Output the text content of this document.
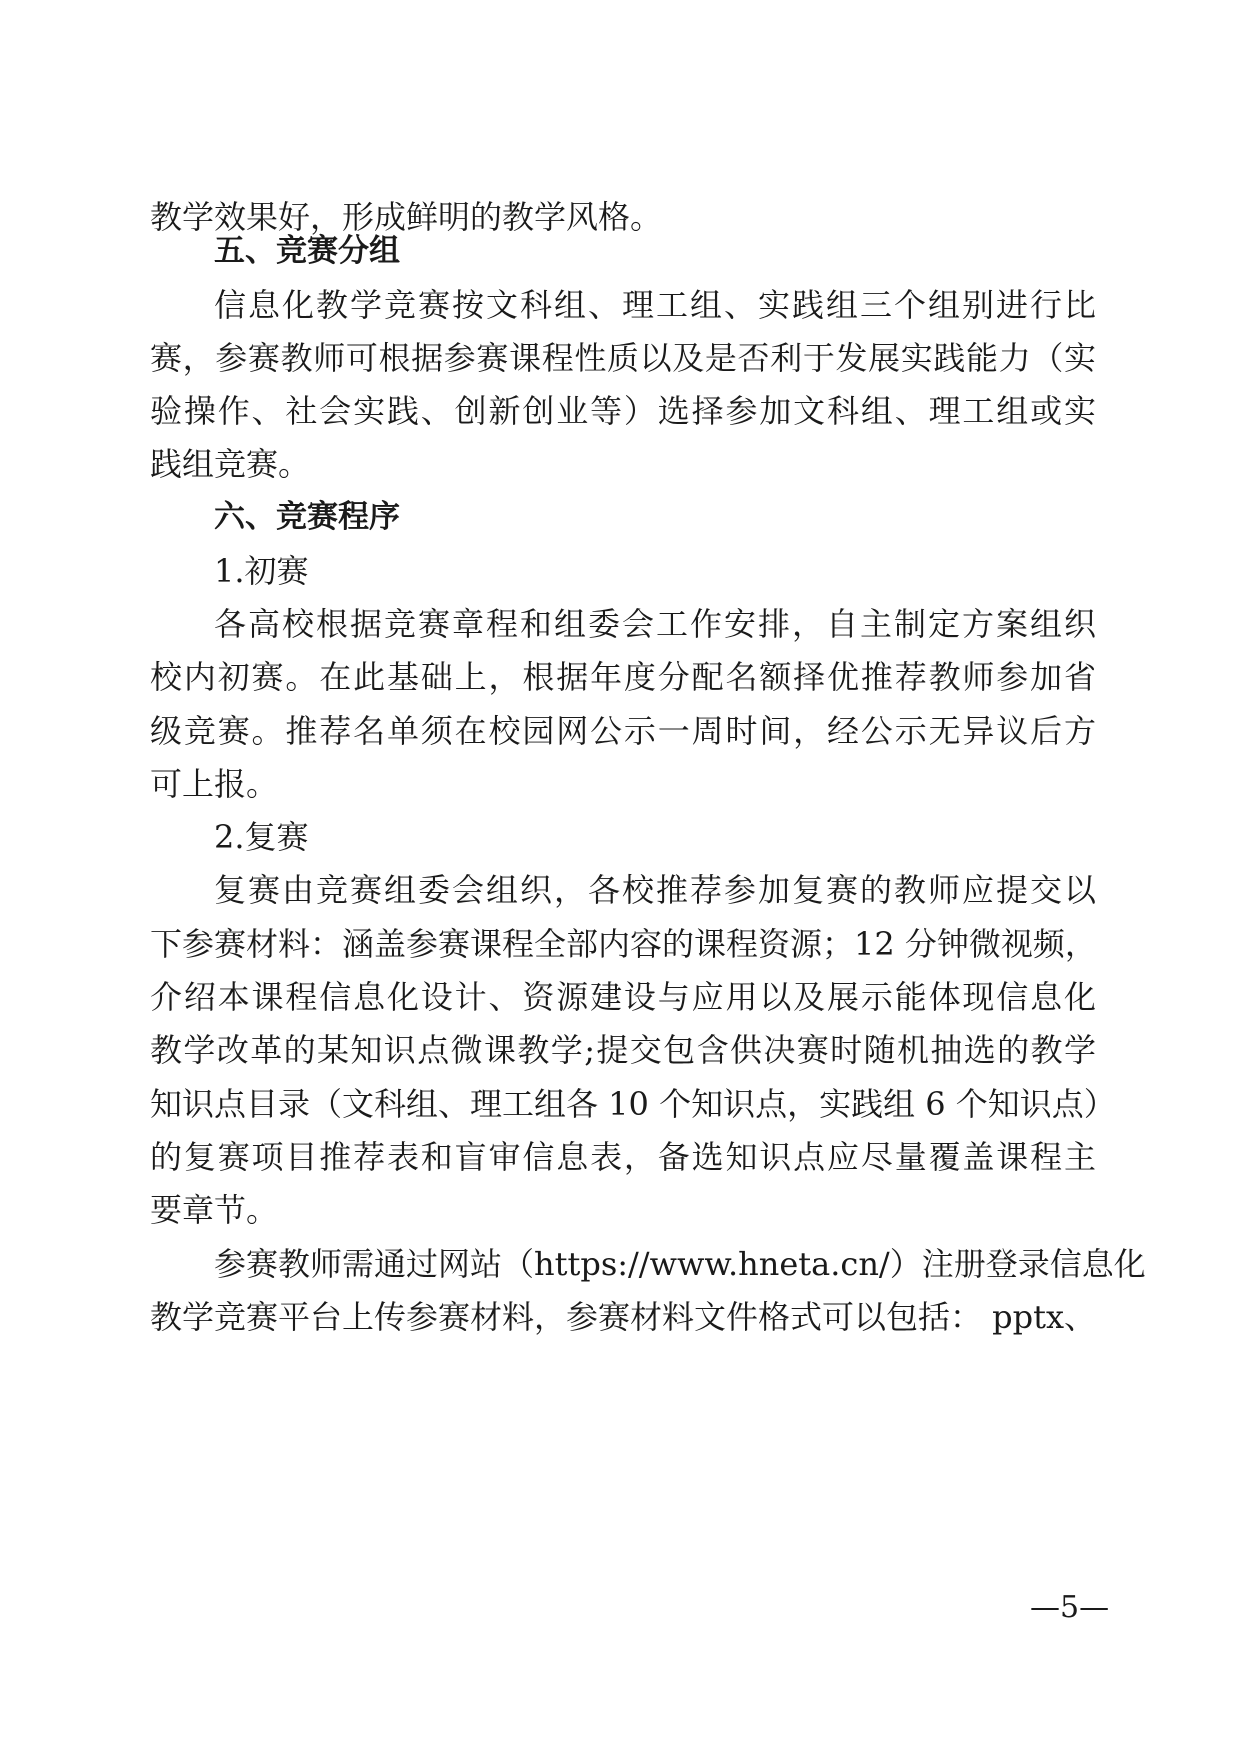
教学效果好，形成鲜明的教学风格。
五、竞赛分组
信息化教学竞赛按文科组、理工组、实践组三个组别进行比
赛，参赛教师可根据参赛课程性质以及是否利于发展实践能力（实
验操作、社会实践、创新创业等）选择参加文科组、理工组或实
践组竞赛。
六、竞赛程序
1.初赛
各高校根据竞赛章程和组委会工作安排，自主制定方案组织
校内初赛。在此基础上，根据年度分配名额择优推荐教师参加省
级竞赛。推荐名单须在校园网公示一周时间，经公示无异议后方
可上报。
2.复赛
复赛由竞赛组委会组织，各校推荐参加复赛的教师应提交以
下参赛材料：涵盖参赛课程全部内容的课程资源；12 分钟微视频，
介绍本课程信息化设计、资源建设与应用以及展示能体现信息化
教学改革的某知识点微课教学;提交包含供决赛时随机抽选的教学
知识点目录（文科组、理工组各 10 个知识点，实践组 6 个知识点）
的复赛项目推荐表和盲审信息表，备选知识点应尽量覆盖课程主
要章节。
参赛教师需通过网站（https://www.hneta.cn/）注册登录信息化
教学竞赛平台上传参赛材料，参赛材料文件格式可以包括： pptx、
—5—
